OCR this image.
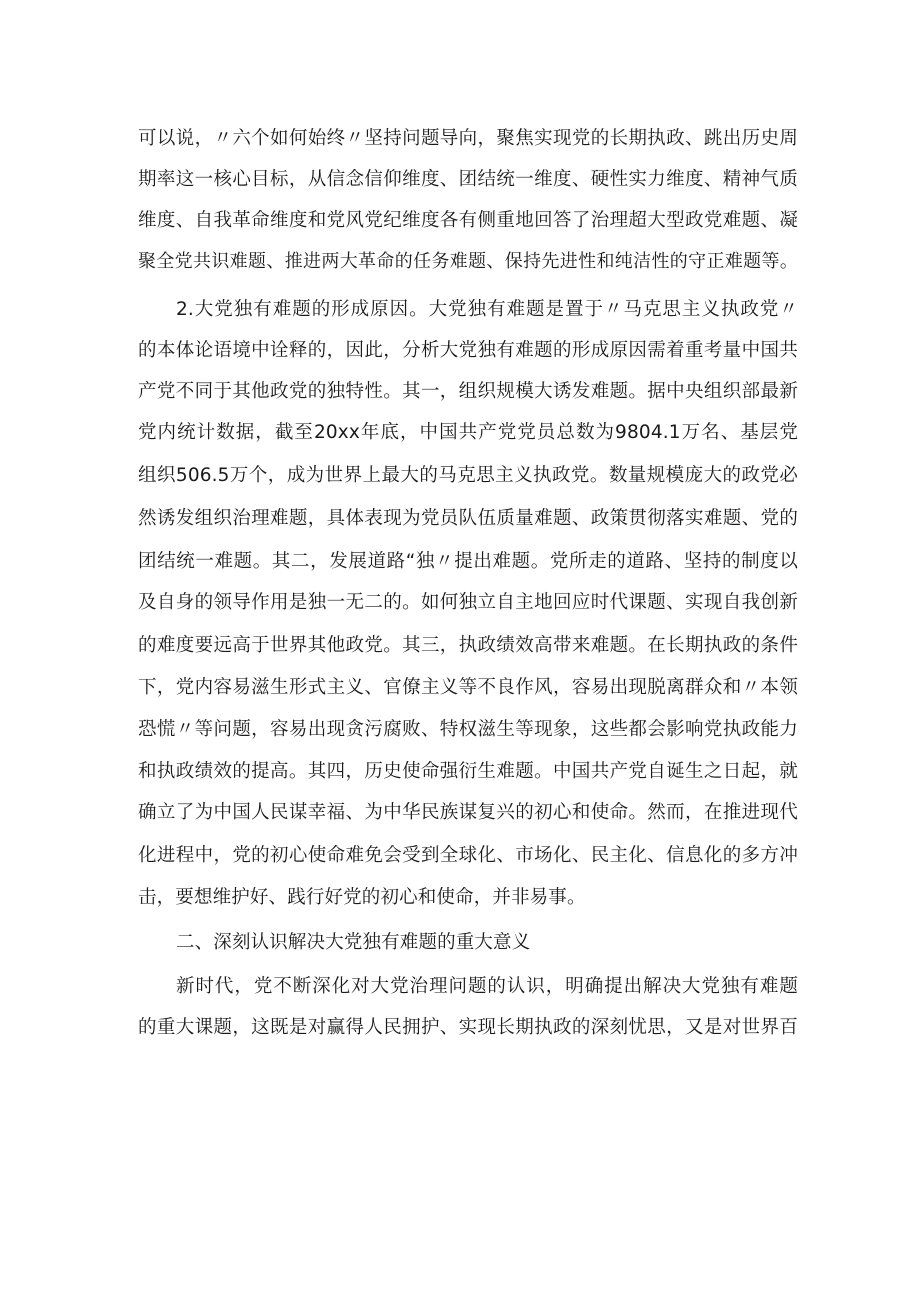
可以说，〃六个如何始终〃坚持问题导向，聚焦实现党的长期执政、跳出历史周
期率这一核心目标，从信念信仰维度、团结统一维度、硬性实力维度、精神气质
维度、自我革命维度和党风党纪维度各有侧重地回答了治理超大型政党难题、凝
聚全党共识难题、推进两大革命的任务难题、保持先进性和纯洁性的守正难题等。
2.大党独有难题的形成原因。大党独有难题是置于〃马克思主义执政党〃
的本体论语境中诠释的，因此，分析大党独有难题的形成原因需着重考量中国共
产党不同于其他政党的独特性。其一，组织规模大诱发难题。据中央组织部最新
党内统计数据，截至20xx年底，中国共产党党员总数为9804.1万名、基层党
组织506.5万个，成为世界上最大的马克思主义执政党。数量规模庞大的政党必
然诱发组织治理难题，具体表现为党员队伍质量难题、政策贯彻落实难题、党的
团结统一难题。其二，发展道路“独〃提出难题。党所走的道路、坚持的制度以
及自身的领导作用是独一无二的。如何独立自主地回应时代课题、实现自我创新
的难度要远高于世界其他政党。其三，执政绩效高带来难题。在长期执政的条件
下，党内容易滋生形式主义、官僚主义等不良作风，容易出现脱离群众和〃本领
恐慌〃等问题，容易出现贪污腐败、特权滋生等现象，这些都会影响党执政能力
和执政绩效的提高。其四，历史使命强衍生难题。中国共产党自诞生之日起，就
确立了为中国人民谋幸福、为中华民族谋复兴的初心和使命。然而，在推进现代
化进程中，党的初心使命难免会受到全球化、市场化、民主化、信息化的多方冲
击，要想维护好、践行好党的初心和使命，并非易事。
二、深刻认识解决大党独有难题的重大意义
新时代，党不断深化对大党治理问题的认识，明确提出解决大党独有难题
的重大课题，这既是对赢得人民拥护、实现长期执政的深刻忧思，又是对世界百
